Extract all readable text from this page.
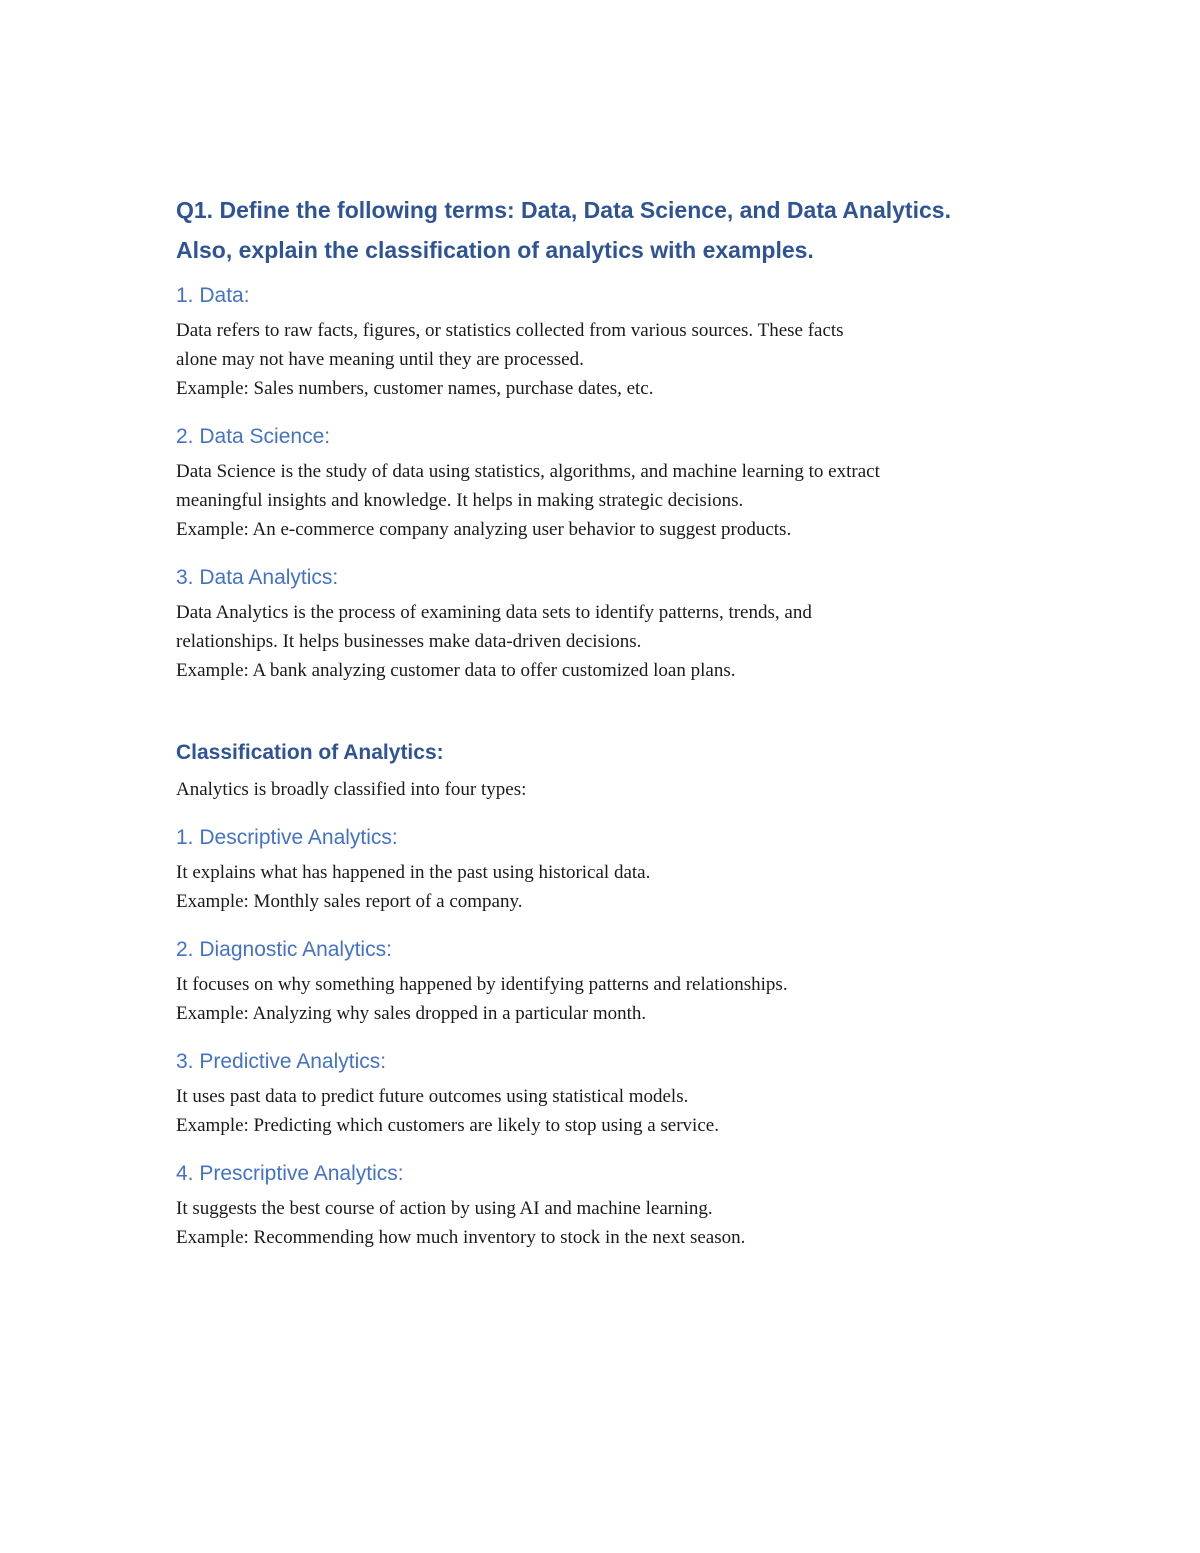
Q1. Define the following terms: Data, Data Science, and Data Analytics.
Also, explain the classification of analytics with examples.
1. Data:

Data refers to raw facts, figures, or statistics collected from various sources. These facts
alone may not have meaning until they are processed.
Example: Sales numbers, customer names, purchase dates, etc.

2. Data Science:

Data Science is the study of data using statistics, algorithms, and machine learning to extract
meaningful insights and knowledge. It helps in making strategic decisions.
Example: An e-commerce company analyzing user behavior to suggest products.

3. Data Analytics:

Data Analytics is the process of examining data sets to identify patterns, trends, and
relationships. It helps businesses make data-driven decisions.
Example: A bank analyzing customer data to offer customized loan plans.

Classification of Analytics:

Analytics is broadly classified into four types:

1. Descriptive Analytics:

It explains what has happened in the past using historical data.
Example: Monthly sales report of a company.

2. Diagnostic Analytics:

It focuses on why something happened by identifying patterns and relationships.
Example: Analyzing why sales dropped in a particular month.

3. Predictive Analytics:

It uses past data to predict future outcomes using statistical models.
Example: Predicting which customers are likely to stop using a service.

4. Prescriptive Analytics:

It suggests the best course of action by using AI and machine learning.
Example: Recommending how much inventory to stock in the next season.
